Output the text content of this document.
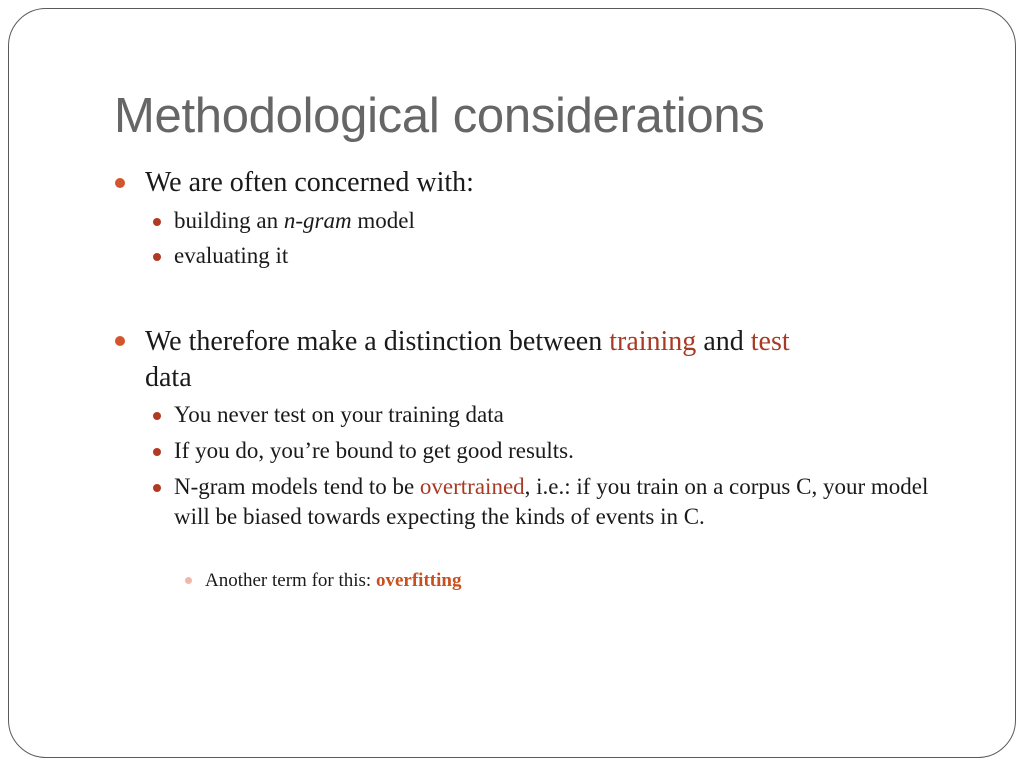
Methodological considerations

We are often concerned with:

building an n-gram model

evaluating it

We therefore make a distinction between training and test

data

You never test on your training data

If you do, you’re bound to get good results.

N-gram models tend to be overtrained, i.e.: if you train on a corpus C, your model will be biased towards expecting the kinds of events in C.

Another term for this: overfitting
